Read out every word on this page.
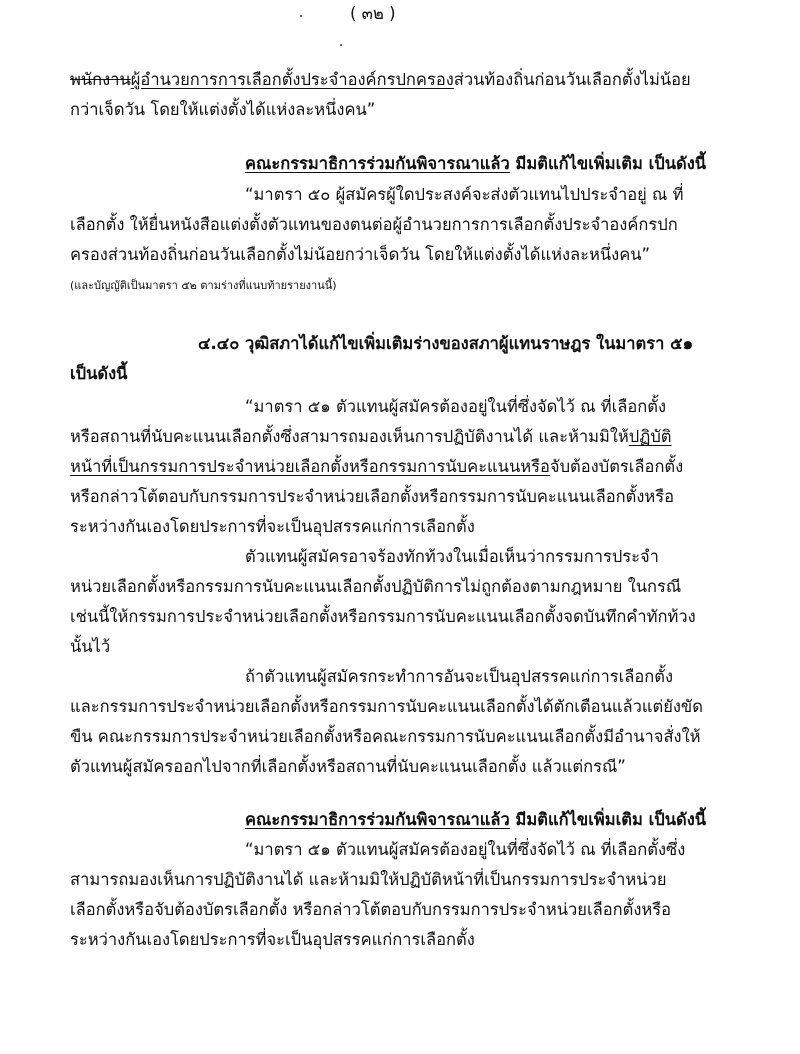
( ๓๒ )
พนักงานผู้อำนวยการการเลือกตั้งประจำองค์กรปกครองส่วนท้องถิ่นก่อนวันเลือกตั้งไม่น้อย
กว่าเจ็ดวัน โดยให้แต่งตั้งได้แห่งละหนึ่งคน”
คณะกรรมาธิการร่วมกันพิจารณาแล้ว มีมติแก้ไขเพิ่มเติม เป็นดังนี้
“มาตรา ๕๐ ผู้สมัครผู้ใดประสงค์จะส่งตัวแทนไปประจำอยู่ ณ ที่
เลือกตั้ง ให้ยื่นหนังสือแต่งตั้งตัวแทนของตนต่อผู้อำนวยการการเลือกตั้งประจำองค์กรปก
ครองส่วนท้องถิ่นก่อนวันเลือกตั้งไม่น้อยกว่าเจ็ดวัน โดยให้แต่งตั้งได้แห่งละหนึ่งคน”
(และบัญญัติเป็นมาตรา ๕๒ ตามร่างที่แนบท้ายรายงานนี้)
๔.๔๐ วุฒิสภาได้แก้ไขเพิ่มเติมร่างของสภาผู้แทนราษฎร ในมาตรา ๕๑
เป็นดังนี้
“มาตรา ๕๑ ตัวแทนผู้สมัครต้องอยู่ในที่ซึ่งจัดไว้ ณ ที่เลือกตั้ง
หรือสถานที่นับคะแนนเลือกตั้งซึ่งสามารถมองเห็นการปฏิบัติงานได้ และห้ามมิให้ปฏิบัติ
หน้าที่เป็นกรรมการประจำหน่วยเลือกตั้งหรือกรรมการนับคะแนนหรือจับต้องบัตรเลือกตั้ง
หรือกล่าวโต้ตอบกับกรรมการประจำหน่วยเลือกตั้งหรือกรรมการนับคะแนนเลือกตั้งหรือ
ระหว่างกันเองโดยประการที่จะเป็นอุปสรรคแก่การเลือกตั้ง
ตัวแทนผู้สมัครอาจร้องทักท้วงในเมื่อเห็นว่ากรรมการประจำ
หน่วยเลือกตั้งหรือกรรมการนับคะแนนเลือกตั้งปฏิบัติการไม่ถูกต้องตามกฎหมาย ในกรณี
เช่นนี้ให้กรรมการประจำหน่วยเลือกตั้งหรือกรรมการนับคะแนนเลือกตั้งจดบันทึกคำทักท้วง
นั้นไว้
ถ้าตัวแทนผู้สมัครกระทำการอันจะเป็นอุปสรรคแก่การเลือกตั้ง
และกรรมการประจำหน่วยเลือกตั้งหรือกรรมการนับคะแนนเลือกตั้งได้ตักเตือนแล้วแต่ยังขัด
ขืน คณะกรรมการประจำหน่วยเลือกตั้งหรือคณะกรรมการนับคะแนนเลือกตั้งมีอำนาจสั่งให้
ตัวแทนผู้สมัครออกไปจากที่เลือกตั้งหรือสถานที่นับคะแนนเลือกตั้ง แล้วแต่กรณี”
คณะกรรมาธิการร่วมกันพิจารณาแล้ว มีมติแก้ไขเพิ่มเติม เป็นดังนี้
“มาตรา ๕๑ ตัวแทนผู้สมัครต้องอยู่ในที่ซึ่งจัดไว้ ณ ที่เลือกตั้งซึ่ง
สามารถมองเห็นการปฏิบัติงานได้ และห้ามมิให้ปฏิบัติหน้าที่เป็นกรรมการประจำหน่วย
เลือกตั้งหรือจับต้องบัตรเลือกตั้ง หรือกล่าวโต้ตอบกับกรรมการประจำหน่วยเลือกตั้งหรือ
ระหว่างกันเองโดยประการที่จะเป็นอุปสรรคแก่การเลือกตั้ง
